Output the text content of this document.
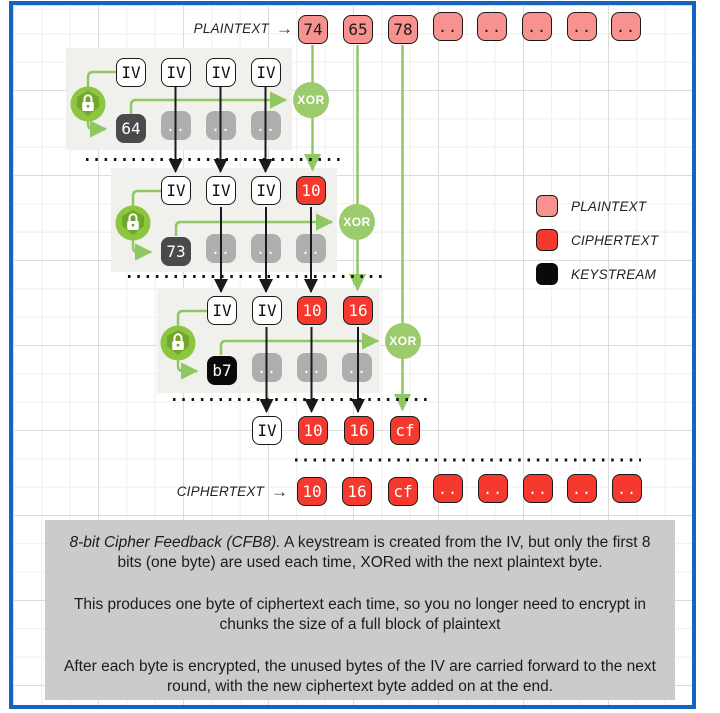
PLAINTEXT → 74	65	78	..	..	..	..	..
IV	IV	IV	IV
64	..	..	..
XOR
IV	IV	IV	10
73	..	..	..
XOR
IV	IV	10	16
b7	..	..	..
XOR
IV	10	16	cf
CIPHERTEXT → 10	16	cf	..	..	..	..	..
PLAINTEXT
CIPHERTEXT
KEYSTREAM

8-bit Cipher Feedback (CFB8). A keystream is created from the IV, but only the first 8 bits (one byte) are used each time, XORed with the next plaintext byte.

This produces one byte of ciphertext each time, so you no longer need to encrypt in chunks the size of a full block of plaintext

After each byte is encrypted, the unused bytes of the IV are carried forward to the next round, with the new ciphertext byte added on at the end.
